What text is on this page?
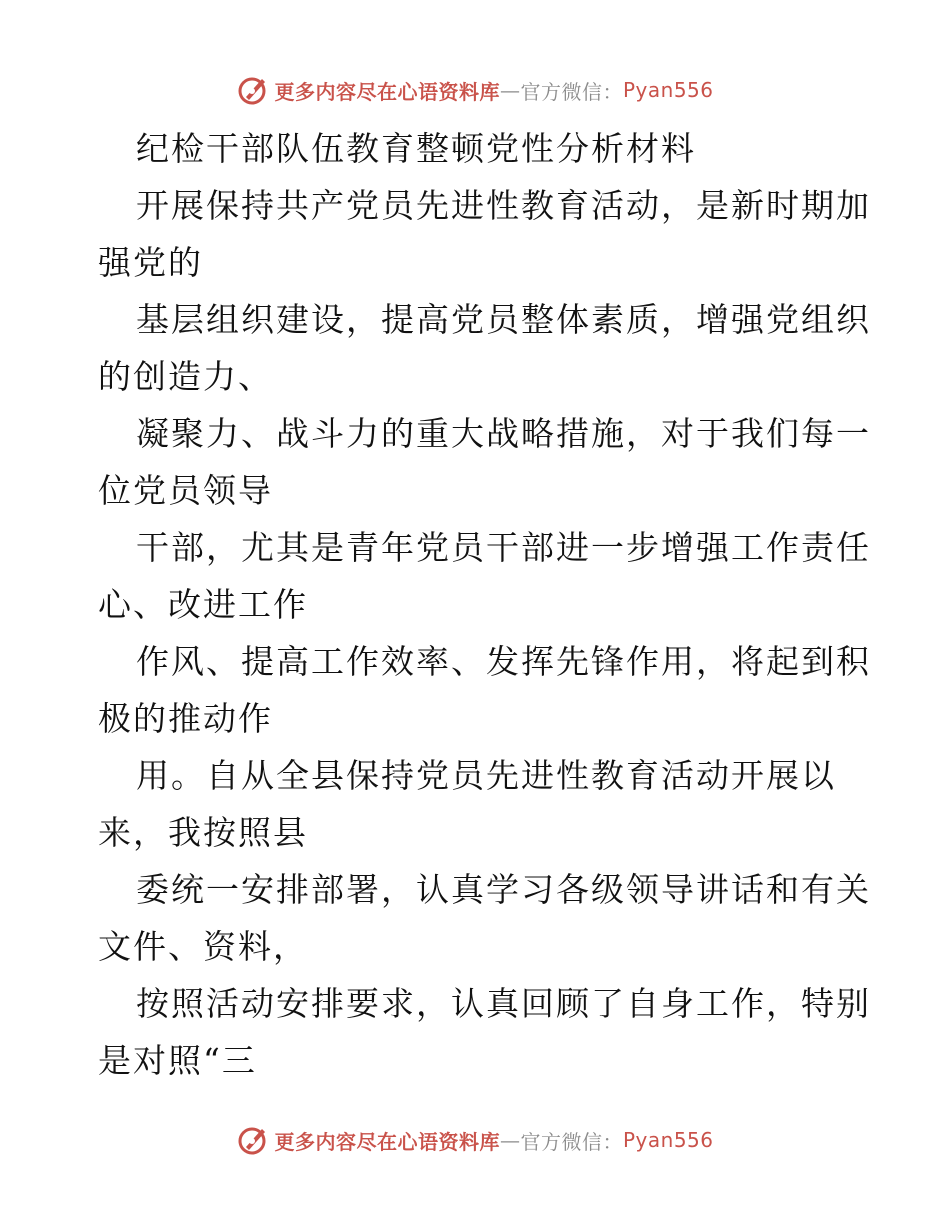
更多内容尽在心语资料库 — 官方微信： Pyan556
纪检干部队伍教育整顿党性分析材料
开展保持共产党员先进性教育活动，是新时期加
强党的
基层组织建设，提高党员整体素质，增强党组织
的创造力、
凝聚力、战斗力的重大战略措施，对于我们每一
位党员领导
干部，尤其是青年党员干部进一步增强工作责任
心、改进工作
作风、提高工作效率、发挥先锋作用，将起到积
极的推动作
用。自从全县保持党员先进性教育活动开展以
来，我按照县
委统一安排部署，认真学习各级领导讲话和有关
文件、资料，
按照活动安排要求，认真回顾了自身工作，特别
是对照“三
更多内容尽在心语资料库 — 官方微信： Pyan556
